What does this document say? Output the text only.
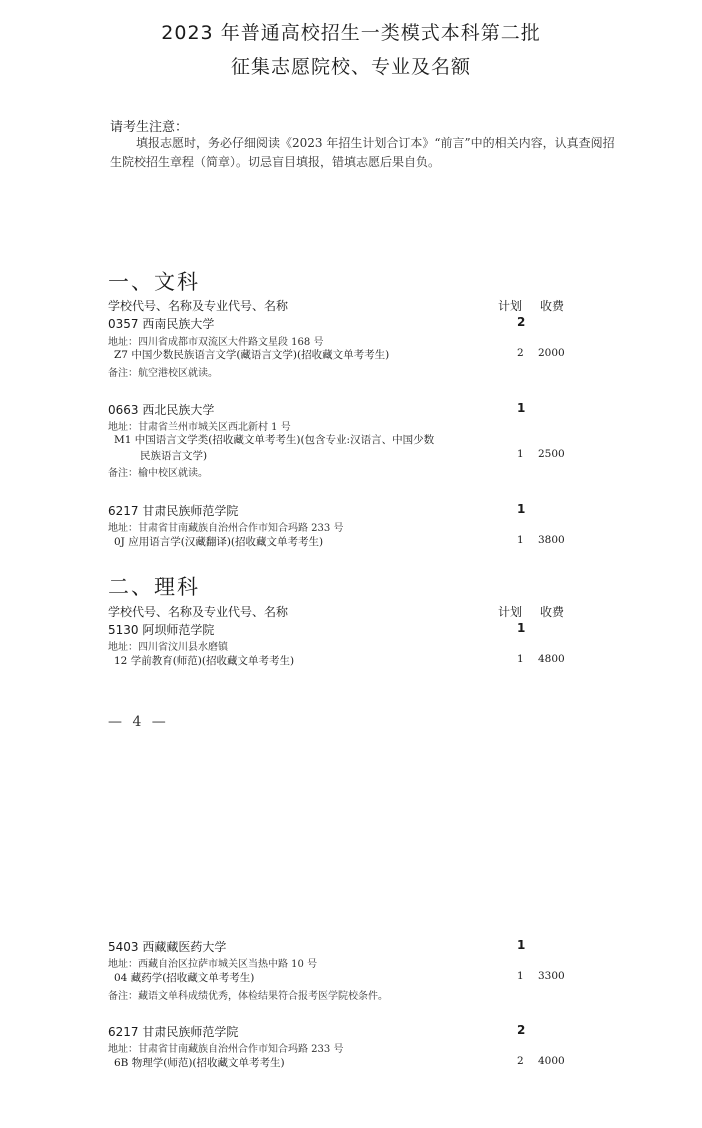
2023 年普通高校招生一类模式本科第二批
征集志愿院校、专业及名额
请考生注意：
填报志愿时，务必仔细阅读《2023 年招生计划合订本》“前言”中的相关内容，认真查阅招生院校招生章程（简章）。切忌盲目填报，错填志愿后果自负。
一、文科
学校代号、名称及专业代号、名称	计划 收费
0357 西南民族大学	2
地址：四川省成都市双流区大件路文星段 168 号
Z7 中国少数民族语言文学(藏语言文学)(招收藏文单考考生)	2 2000
备注：航空港校区就读。
0663 西北民族大学	1
地址：甘肃省兰州市城关区西北新村 1 号
M1 中国语言文学类(招收藏文单考考生)(包含专业:汉语言、中国少数
民族语言文学)	1 2500
备注：榆中校区就读。
6217 甘肃民族师范学院	1
地址：甘肃省甘南藏族自治州合作市知合玛路 233 号
0J 应用语言学(汉藏翻译)(招收藏文单考考生)	1 3800
二、理科
学校代号、名称及专业代号、名称	计划 收费
5130 阿坝师范学院	1
地址：四川省汶川县水磨镇
12 学前教育(师范)(招收藏文单考考生)	1 4800
— 4 —
5403 西藏藏医药大学	1
地址：西藏自治区拉萨市城关区当热中路 10 号
04 藏药学(招收藏文单考考生)	1 3300
备注：藏语文单科成绩优秀，体检结果符合报考医学院校条件。
6217 甘肃民族师范学院	2
地址：甘肃省甘南藏族自治州合作市知合玛路 233 号
6B 物理学(师范)(招收藏文单考考生)	2 4000
